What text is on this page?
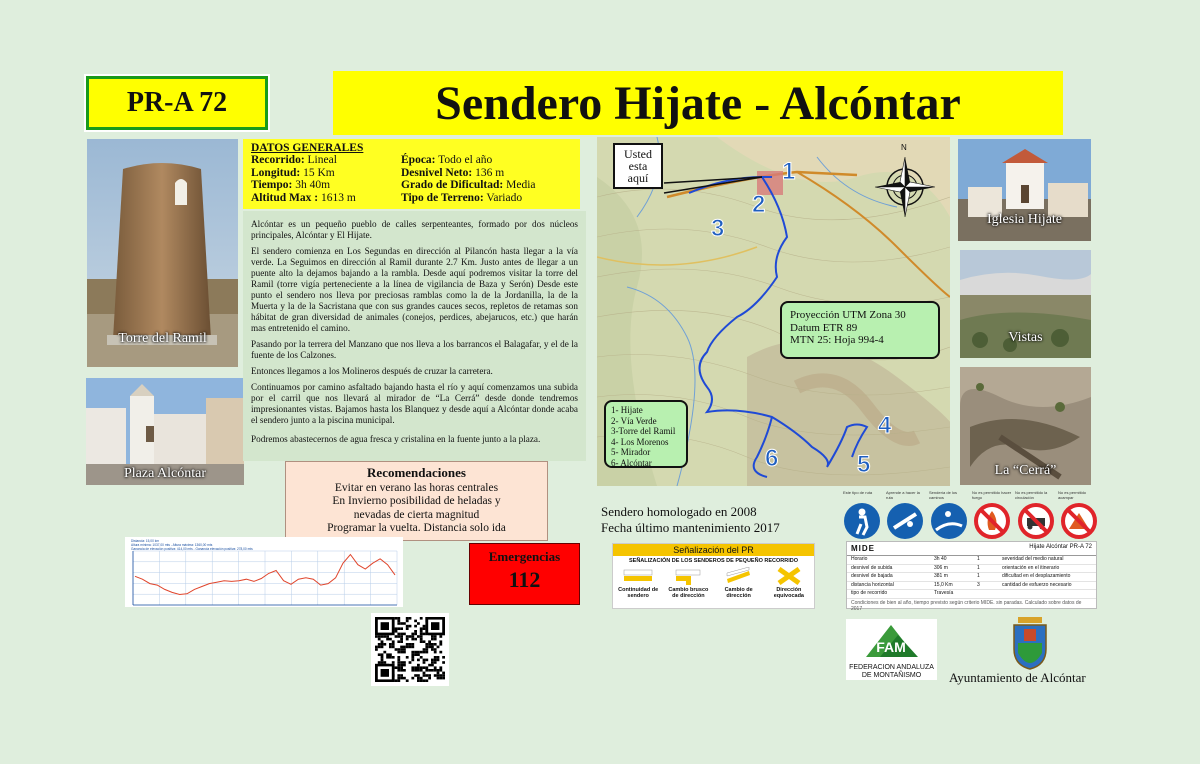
PR-A 72	Sendero Hijate - Alcóntar
Torre del Ramil
Plaza Alcóntar
DATOS GENERALES
Recorrido: Lineal	Época: Todo el año
Longitud: 15 Km	Desnivel Neto: 136 m
Tiempo: 3h 40m	Grado de Dificultad: Media
Altitud Max : 1613 m	Tipo de Terreno: Variado

Alcóntar es un pequeño pueblo de calles serpenteantes, formado por dos núcleos principales, Alcóntar y El Hijate.

El sendero comienza en Los Segundas en dirección al Pilancón hasta llegar a la vía verde. La Seguimos en dirección al Ramil durante 2.7 Km. Justo antes de llegar a un puente alto la dejamos bajando a la rambla. Desde aquí podremos visitar la torre del Ramil (torre vigía perteneciente a la línea de vigilancia de Baza y Serón) Desde este punto el sendero nos lleva por preciosas ramblas como la de la Jordanilla, la de la Muerta y la de la Sacristana que con sus grandes cauces secos, repletos de retamas son hábitat de gran diversidad de animales (conejos, perdices, abejarucos, etc.) que harán mas entretenido el camino.

Pasando por la terrera del Manzano que nos lleva a los barrancos el Balagafar, y el de la fuente de los Calzones.

Entonces llegamos a los Molineros después de cruzar la carretera.

Continuamos por camino asfaltado bajando hasta el río y aquí comenzamos una subida por el carril que nos llevará al mirador de “La Cerrá” desde donde tendremos impresionantes vistas. Bajamos hasta los Blanquez y desde aquí a Alcóntar donde acaba el sendero junto a la piscina municipal.

Podremos abastecernos de agua fresca y cristalina en la fuente junto a la plaza.

Recomendaciones
Evitar en verano las horas centrales
En Invierno posibilidad de heladas y
nevadas de cierta magnitud
Programar la vuelta. Distancia solo ida
Emergencias
112
Distancia: 15,00 km
Altura mínima: 1037,00 mts - Altura máxima: 1360,00 mts
Ganancia de elevación positiva: 414,00 mts - Ganancia elevación positiva: 278,00 mts
N
Usted
esta
aquí	1
2
3
4
5
6
Proyección UTM Zona 30
Datum ETR 89
MTN 25: Hoja 994-4
1- Hijate
2- Vía Verde
3-Torre del Ramil
4- Los Morenos
5- Mirador
6- Alcóntar
Iglesia Hijate
Vistas
La “Cerrá”
Sendero homologado en 2008
Fecha último mantenimiento 2017
Este tipo de ruta	Aprende a hacer la ruta
Sendería de los caminos
No es permitido hacer fuego
No es permitido la circulación
No es permitido acampar
Señalización del PR
SEÑALIZACIÓN DE LOS SENDEROS DE PEQUEÑO RECORRIDO
Continuidad de sendero
Cambio brusco de dirección
Cambio de dirección
Dirección equivocada
MIDE	Hijate Alcóntar PR-A 72
Horario	3h 40	1	severidad del medio natural
desnivel de subida	306 m	1	orientación en el itinerario
desnivel de bajada	381 m	1	dificultad en el desplazamiento
distancia horizontal	15,0 Km	3	cantidad de esfuerzo necesario
tipo de recorrido	Travesía
Condiciones de bien al año, tiempo previsto según criterio MIDE. sin paradas. Calculado sobre datos de 2017
FAM
FEDERACION ANDALUZA
DE MONTAÑISMO	Ayuntamiento de Alcóntar
